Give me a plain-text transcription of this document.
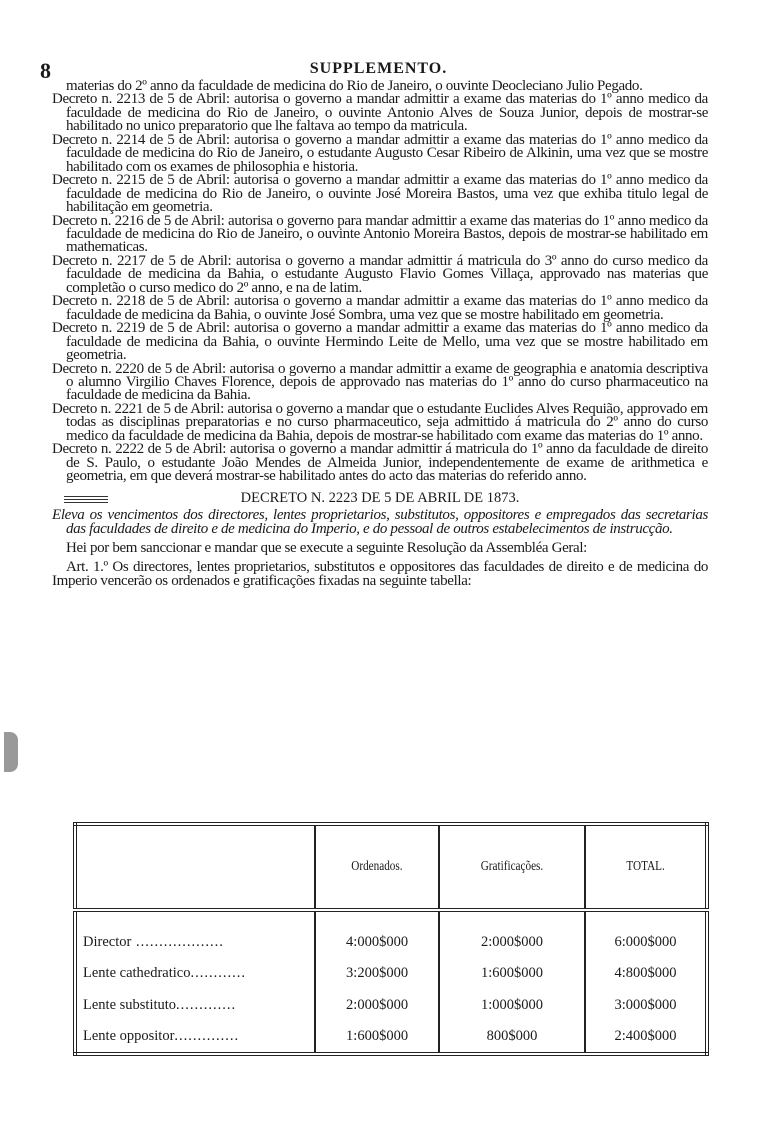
8	SUPPLEMENTO.

materias do 2º anno da faculdade de medicina do Rio de Janeiro, o ouvinte Deocleciano Julio Pegado.

Decreto n. 2213 de 5 de Abril: autorisa o governo a mandar admittir a exame das materias do 1º anno medico da faculdade de medicina do Rio de Janeiro, o ouvinte Antonio Alves de Souza Junior, depois de mostrar-se habilitado no unico preparatorio que lhe faltava ao tempo da matricula.

Decreto n. 2214 de 5 de Abril: autorisa o governo a mandar admittir a exame das materias do 1º anno medico da faculdade de medicina do Rio de Janeiro, o estudante Augusto Cesar Ribeiro de Alkinin, uma vez que se mostre habilitado com os exames de philosophia e historia.

Decreto n. 2215 de 5 de Abril: autorisa o governo a mandar admittir a exame das materias do 1º anno medico da faculdade de medicina do Rio de Janeiro, o ouvinte José Moreira Bastos, uma vez que exhiba titulo legal de habilitação em geometria.

Decreto n. 2216 de 5 de Abril: autorisa o governo para mandar admittir a exame das materias do 1º anno medico da faculdade de medicina do Rio de Janeiro, o ouvinte Antonio Moreira Bastos, depois de mostrar-se habilitado em mathematicas.

Decreto n. 2217 de 5 de Abril: autorisa o governo a mandar admittir á matricula do 3º anno do curso medico da faculdade de medicina da Bahia, o estudante Augusto Flavio Gomes Villaça, approvado nas materias que completão o curso medico do 2º anno, e na de latim.

Decreto n. 2218 de 5 de Abril: autorisa o governo a mandar admittir a exame das materias do 1º anno medico da faculdade de medicina da Bahia, o ouvinte José Sombra, uma vez que se mostre habilitado em geometria.

Decreto n. 2219 de 5 de Abril: autorisa o governo a mandar admittir a exame das materias do 1º anno medico da faculdade de medicina da Bahia, o ouvinte Hermindo Leite de Mello, uma vez que se mostre habilitado em geometria.

Decreto n. 2220 de 5 de Abril: autorisa o governo a mandar admittir a exame de geographia e anatomia descriptiva o alumno Virgilio Chaves Florence, depois de approvado nas materias do 1º anno do curso pharmaceutico na faculdade de medicina da Bahia.

Decreto n. 2221 de 5 de Abril: autorisa o governo a mandar que o estudante Euclides Alves Requião, approvado em todas as disciplinas preparatorias e no curso pharmaceutico, seja admittido á matricula do 2º anno do curso medico da faculdade de medicina da Bahia, depois de mostrar-se habilitado com exame das materias do 1º anno.

Decreto n. 2222 de 5 de Abril: autorisa o governo a mandar admittir á matricula do 1º anno da faculdade de direito de S. Paulo, o estudante João Mendes de Almeida Junior, independentemente de exame de arithmetica e geometria, em que deverá mostrar-se habilitado antes do acto das materias do referido anno.

DECRETO N. 2223 DE 5 DE ABRIL DE 1873.

Eleva os vencimentos dos directores, lentes proprietarios, substitutos, oppositores e empregados das secretarias das faculdades de direito e de medicina do Imperio, e do pessoal de outros estabelecimentos de instrucção.

Hei por bem sanccionar e mandar que se execute a seguinte Resolução da Assembléa Geral:

Art. 1.º Os directores, lentes proprietarios, substitutos e oppositores das faculdades de direito e de medicina do Imperio vencerão os ordenados e gratificações fixadas na seguinte tabella:

	Ordenados.	Gratificações.	TOTAL.
Director ...................	4:000$000	2:000$000	6:000$000
Lente cathedratico............	3:200$000	1:600$000	4:800$000
Lente substituto.............	2:000$000	1:000$000	3:000$000
Lente oppositor..............	1:600$000	800$000	2:400$000
